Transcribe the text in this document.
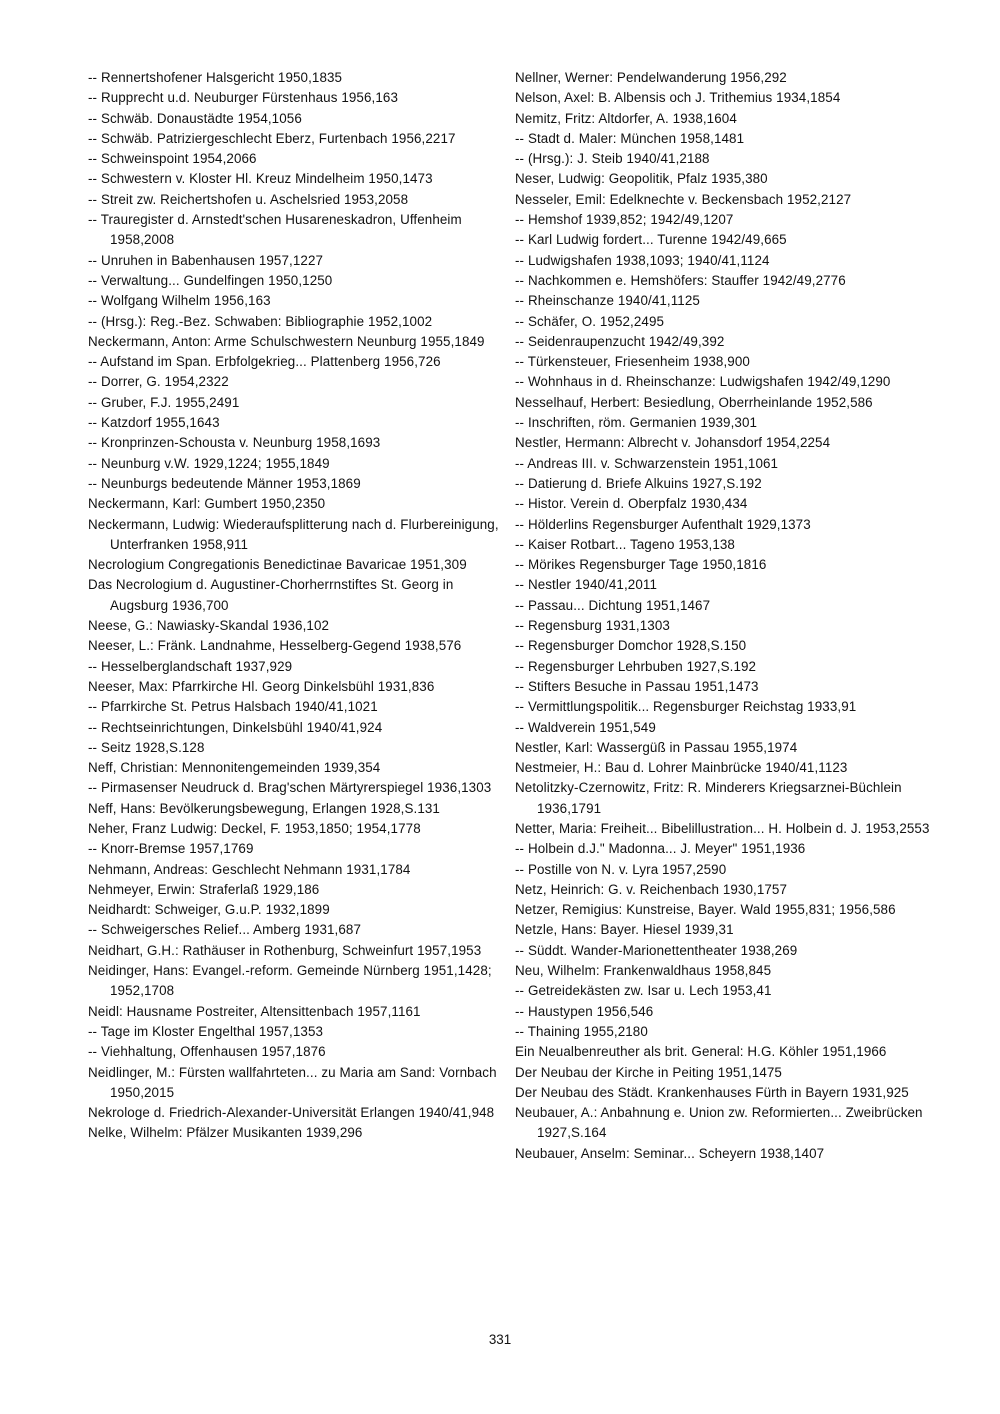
-- Rennertshofener Halsgericht 1950,1835
-- Rupprecht u.d. Neuburger Fürstenhaus 1956,163
-- Schwäb. Donaustädte 1954,1056
-- Schwäb. Patriziergeschlecht Eberz, Furtenbach 1956,2217
-- Schweinspoint 1954,2066
-- Schwestern v. Kloster Hl. Kreuz Mindelheim 1950,1473
-- Streit zw. Reichertshofen u. Aschelsried 1953,2058
-- Trauregister d. Arnstedt'schen Husareneskadron, Uffenheim 1958,2008
-- Unruhen in Babenhausen 1957,1227
-- Verwaltung... Gundelfingen 1950,1250
-- Wolfgang Wilhelm 1956,163
-- (Hrsg.): Reg.-Bez. Schwaben: Bibliographie 1952,1002
Neckermann, Anton: Arme Schulschwestern Neunburg 1955,1849
-- Aufstand im Span. Erbfolgekrieg... Plattenberg 1956,726
-- Dorrer, G. 1954,2322
-- Gruber, F.J. 1955,2491
-- Katzdorf 1955,1643
-- Kronprinzen-Schousta v. Neunburg 1958,1693
-- Neunburg v.W. 1929,1224; 1955,1849
-- Neunburgs bedeutende Männer 1953,1869
Neckermann, Karl: Gumbert 1950,2350
Neckermann, Ludwig: Wiederaufsplitterung nach d. Flurbereinigung, Unterfranken 1958,911
Necrologium Congregationis Benedictinae Bavaricae 1951,309
Das Necrologium d. Augustiner-Chorherrnstiftes St. Georg in Augsburg 1936,700
Neese, G.: Nawiasky-Skandal 1936,102
Neeser, L.: Fränk. Landnahme, Hesselberg-Gegend 1938,576
-- Hesselberglandschaft 1937,929
Neeser, Max: Pfarrkirche Hl. Georg Dinkelsbühl 1931,836
-- Pfarrkirche St. Petrus Halsbach 1940/41,1021
-- Rechtseinrichtungen, Dinkelsbühl 1940/41,924
-- Seitz 1928,S.128
Neff, Christian: Mennonitengemeinden 1939,354
-- Pirmasenser Neudruck d. Brag'schen Märtyrerspiegel 1936,1303
Neff, Hans: Bevölkerungsbewegung, Erlangen 1928,S.131
Neher, Franz Ludwig: Deckel, F. 1953,1850; 1954,1778
-- Knorr-Bremse 1957,1769
Nehmann, Andreas: Geschlecht Nehmann 1931,1784
Nehmeyer, Erwin: Straferlaß 1929,186
Neidhardt: Schweiger, G.u.P. 1932,1899
-- Schweigersches Relief... Amberg 1931,687
Neidhart, G.H.: Rathäuser in Rothenburg, Schweinfurt 1957,1953
Neidinger, Hans: Evangel.-reform. Gemeinde Nürnberg 1951,1428; 1952,1708
Neidl: Hausname Postreiter, Altensittenbach 1957,1161
-- Tage im Kloster Engelthal 1957,1353
-- Viehhaltung, Offenhausen 1957,1876
Neidlinger, M.: Fürsten wallfahrteten... zu Maria am Sand: Vornbach 1950,2015
Nekrologe d. Friedrich-Alexander-Universität Erlangen 1940/41,948
Nelke, Wilhelm: Pfälzer Musikanten 1939,296
Nellner, Werner: Pendelwanderung 1956,292
Nelson, Axel: B. Albensis och J. Trithemius 1934,1854
Nemitz, Fritz: Altdorfer, A. 1938,1604
-- Stadt d. Maler: München 1958,1481
-- (Hrsg.): J. Steib 1940/41,2188
Neser, Ludwig: Geopolitik, Pfalz 1935,380
Nesseler, Emil: Edelknechte v. Beckensbach 1952,2127
-- Hemshof 1939,852; 1942/49,1207
-- Karl Ludwig fordert... Turenne 1942/49,665
-- Ludwigshafen 1938,1093; 1940/41,1124
-- Nachkommen e. Hemshöfers: Stauffer 1942/49,2776
-- Rheinschanze 1940/41,1125
-- Schäfer, O. 1952,2495
-- Seidenraupenzucht 1942/49,392
-- Türkensteuer, Friesenheim 1938,900
-- Wohnhaus in d. Rheinschanze: Ludwigshafen 1942/49,1290
Nesselhauf, Herbert: Besiedlung, Oberrheinlande 1952,586
-- Inschriften, röm. Germanien 1939,301
Nestler, Hermann: Albrecht v. Johansdorf 1954,2254
-- Andreas III. v. Schwarzenstein 1951,1061
-- Datierung d. Briefe Alkuins 1927,S.192
-- Histor. Verein d. Oberpfalz 1930,434
-- Hölderlins Regensburger Aufenthalt 1929,1373
-- Kaiser Rotbart... Tageno 1953,138
-- Mörikes Regensburger Tage 1950,1816
-- Nestler 1940/41,2011
-- Passau... Dichtung 1951,1467
-- Regensburg 1931,1303
-- Regensburger Domchor 1928,S.150
-- Regensburger Lehrbuben 1927,S.192
-- Stifters Besuche in Passau 1951,1473
-- Vermittlungspolitik... Regensburger Reichstag 1933,91
-- Waldverein 1951,549
Nestler, Karl: Wassergüß in Passau 1955,1974
Nestmeier, H.: Bau d. Lohrer Mainbrücke 1940/41,1123
Netolitzky-Czernowitz, Fritz: R. Minderers Kriegsarznei-Büchlein 1936,1791
Netter, Maria: Freiheit... Bibelillustration... H. Holbein d. J. 1953,2553
-- Holbein d.J." Madonna... J. Meyer" 1951,1936
-- Postille von N. v. Lyra 1957,2590
Netz, Heinrich: G. v. Reichenbach 1930,1757
Netzer, Remigius: Kunstreise, Bayer. Wald 1955,831; 1956,586
Netzle, Hans: Bayer. Hiesel 1939,31
-- Süddt. Wander-Marionettentheater 1938,269
Neu, Wilhelm: Frankenwaldhaus 1958,845
-- Getreidekästen zw. Isar u. Lech 1953,41
-- Haustypen 1956,546
-- Thaining 1955,2180
Ein Neualbenreuther als brit. General: H.G. Köhler 1951,1966
Der Neubau der Kirche in Peiting 1951,1475
Der Neubau des Städt. Krankenhauses Fürth in Bayern 1931,925
Neubauer, A.: Anbahnung e. Union zw. Reformierten... Zweibrücken 1927,S.164
Neubauer, Anselm: Seminar... Scheyern 1938,1407
331
